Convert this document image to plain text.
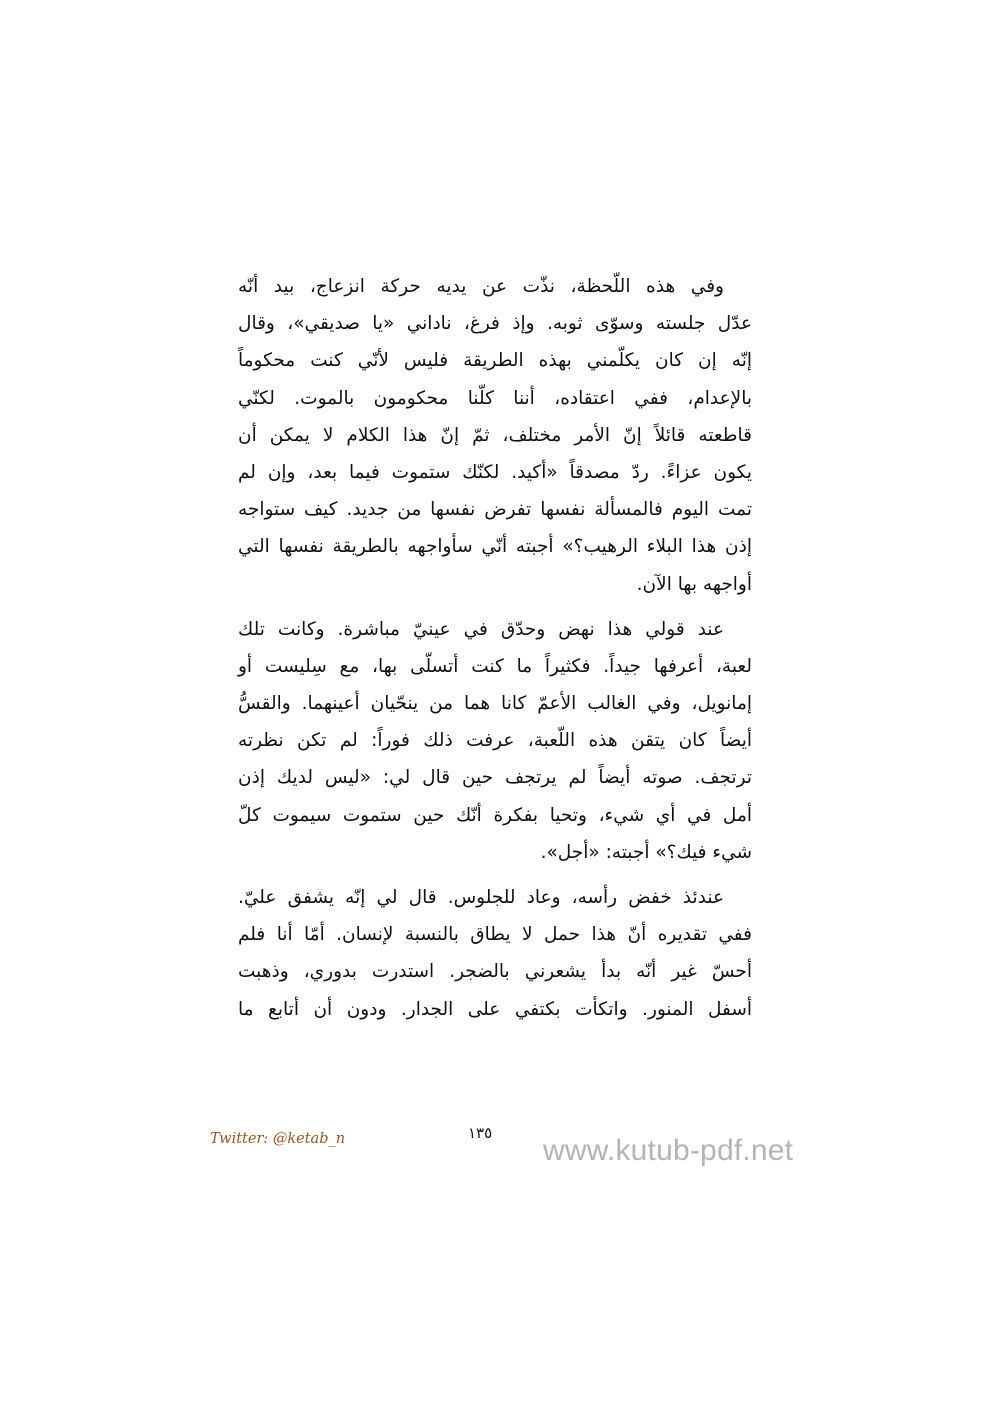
وفي هذه اللّحظة، نذّت عن يديه حركة انزعاج، بيد أنّه
عدّل جلسته وسوّى ثوبه. وإذ فرغ، ناداني «يا صديقي»، وقال
إنّه إن كان يكلّمني بهذه الطريقة فليس لأنّي كنت محكوماً
بالإعدام، ففي اعتقاده، أننا كلّنا محكومون بالموت. لكنّي
قاطعته قائلاً إنّ الأمر مختلف، ثمّ إنّ هذا الكلام لا يمكن أن
يكون عزاءً. ردّ مصدقاً «أكيد. لكنّك ستموت فيما بعد، وإن لم
تمت اليوم فالمسألة نفسها تفرض نفسها من جديد. كيف ستواجه
إذن هذا البلاء الرهيب؟» أجبته أنّي سأواجهه بالطريقة نفسها التي
أواجهه بها الآن.
عند قولي هذا نهض وحدّق في عينيّ مباشرة. وكانت تلك
لعبة، أعرفها جيداً. فكثيراً ما كنت أتسلّى بها، مع سِليست أو
إمانويل، وفي الغالب الأعمّ كانا هما من ينحّيان أعينهما. والقسُّ
أيضاً كان يتقن هذه اللّعبة، عرفت ذلك فوراً: لم تكن نظرته
ترتجف. صوته أيضاً لم يرتجف حين قال لي: «ليس لديك إذن
أمل في أي شيء، وتحيا بفكرة أنّك حين ستموت سيموت كلّ
شيء فيك؟» أجبته: «أجل».
عندئذ خفض رأسه، وعاد للجلوس. قال لي إنّه يشفق عليّ.
ففي تقديره أنّ هذا حمل لا يطاق بالنسبة لإنسان. أمّا أنا فلم
أحسّ غير أنّه بدأ يشعرني بالضجر. استدرت بدوري، وذهبت
أسفل المنور. واتكأت بكتفي على الجدار. ودون أن أتابع ما
Twitter: @ketab_n	١٣٥
www.kutub-pdf.net
